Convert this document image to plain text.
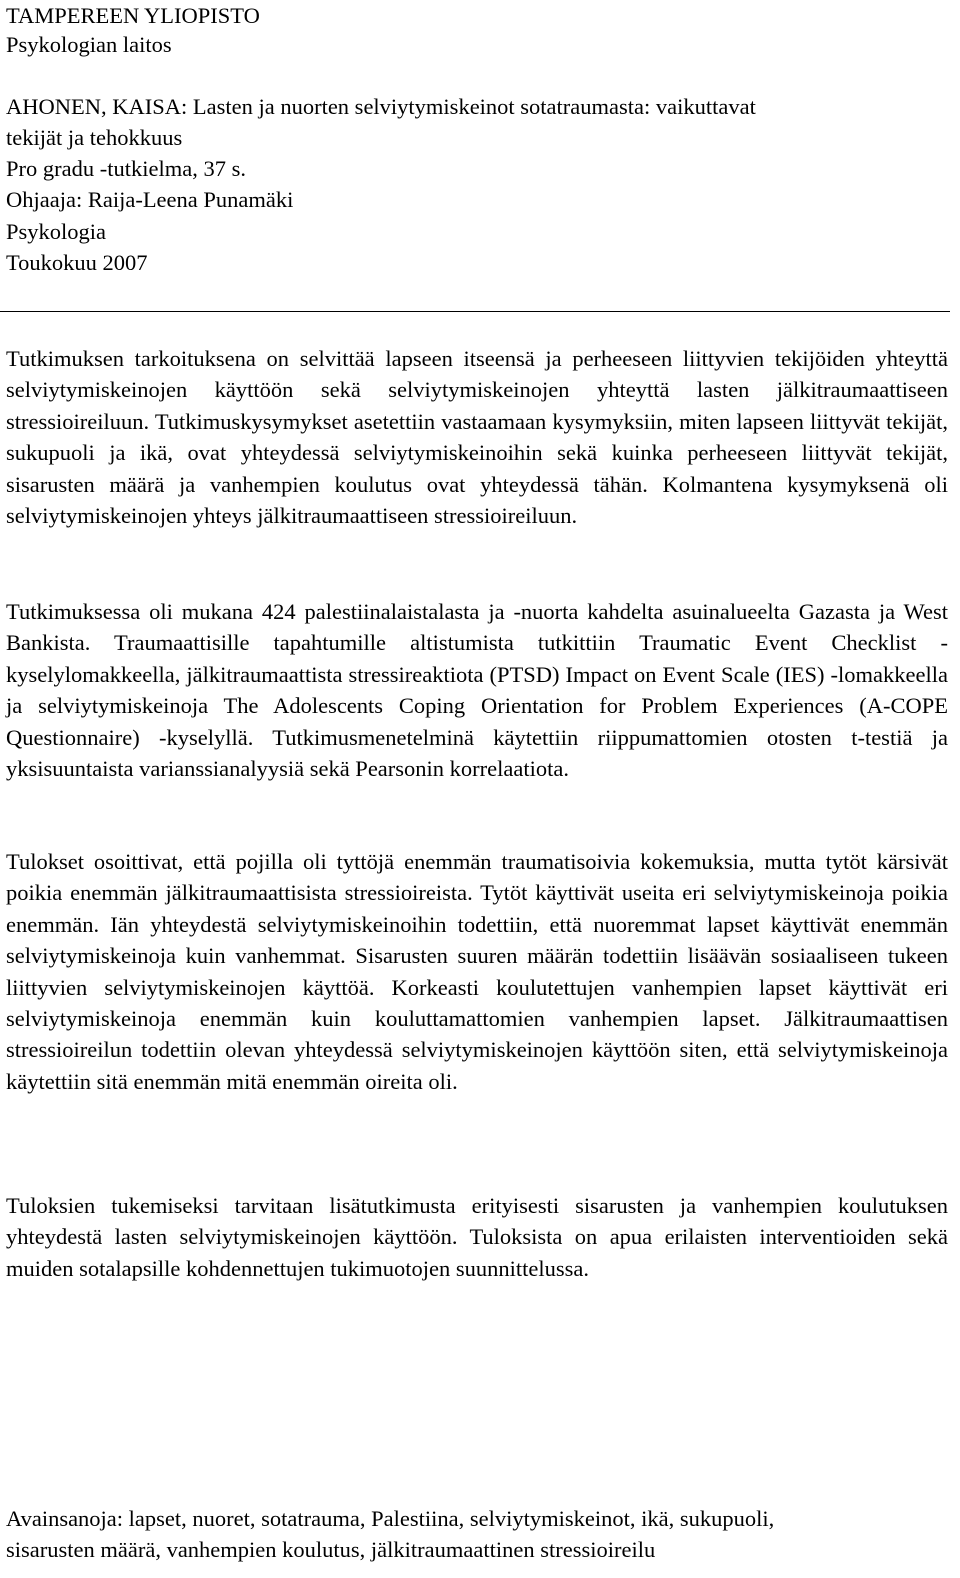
TAMPEREEN YLIOPISTO
Psykologian laitos
AHONEN, KAISA: Lasten ja nuorten selviytymiskeinot sotatraumasta: vaikuttavat
tekijät ja tehokkuus
Pro gradu -tutkielma, 37 s.
Ohjaaja: Raija-Leena Punamäki
Psykologia
Toukokuu 2007

Tutkimuksen tarkoituksena on selvittää lapseen itseensä ja perheeseen liittyvien tekijöiden yhteyttä selviytymiskeinojen käyttöön sekä selviytymiskeinojen yhteyttä lasten jälkitraumaattiseen stressioireiluun. Tutkimuskysymykset asetettiin vastaamaan kysymyksiin, miten lapseen liittyvät tekijät, sukupuoli ja ikä, ovat yhteydessä selviytymiskeinoihin sekä kuinka perheeseen liittyvät tekijät, sisarusten määrä ja vanhempien koulutus ovat yhteydessä tähän. Kolmantena kysymyksenä oli selviytymiskeinojen yhteys jälkitraumaattiseen stressioireiluun.

Tutkimuksessa oli mukana 424 palestiinalaistalasta ja -nuorta kahdelta asuinalueelta Gazasta ja West Bankista. Traumaattisille tapahtumille altistumista tutkittiin Traumatic Event Checklist -kyselylomakkeella, jälkitraumaattista stressireaktiota (PTSD) Impact on Event Scale (IES) -lomakkeella ja selviytymiskeinoja The Adolescents Coping Orientation for Problem Experiences (A-COPE Questionnaire) -kyselyllä. Tutkimusmenetelminä käytettiin riippumattomien otosten t-testiä ja yksisuuntaista varianssianalyysiä sekä Pearsonin korrelaatiota.

Tulokset osoittivat, että pojilla oli tyttöjä enemmän traumatisoivia kokemuksia, mutta tytöt kärsivät poikia enemmän jälkitraumaattisista stressioireista. Tytöt käyttivät useita eri selviytymiskeinoja poikia enemmän. Iän yhteydestä selviytymiskeinoihin todettiin, että nuoremmat lapset käyttivät enemmän selviytymiskeinoja kuin vanhemmat. Sisarusten suuren määrän todettiin lisäävän sosiaaliseen tukeen liittyvien selviytymiskeinojen käyttöä. Korkeasti koulutettujen vanhempien lapset käyttivät eri selviytymiskeinoja enemmän kuin kouluttamattomien vanhempien lapset. Jälkitraumaattisen stressioireilun todettiin olevan yhteydessä selviytymiskeinojen käyttöön siten, että selviytymiskeinoja käytettiin sitä enemmän mitä enemmän oireita oli.

Tuloksien tukemiseksi tarvitaan lisätutkimusta erityisesti sisarusten ja vanhempien koulutuksen yhteydestä lasten selviytymiskeinojen käyttöön. Tuloksista on apua erilaisten interventioiden sekä muiden sotalapsille kohdennettujen tukimuotojen suunnittelussa.

Avainsanoja: lapset, nuoret, sotatrauma, Palestiina, selviytymiskeinot, ikä, sukupuoli,
sisarusten määrä, vanhempien koulutus, jälkitraumaattinen stressioireilu
